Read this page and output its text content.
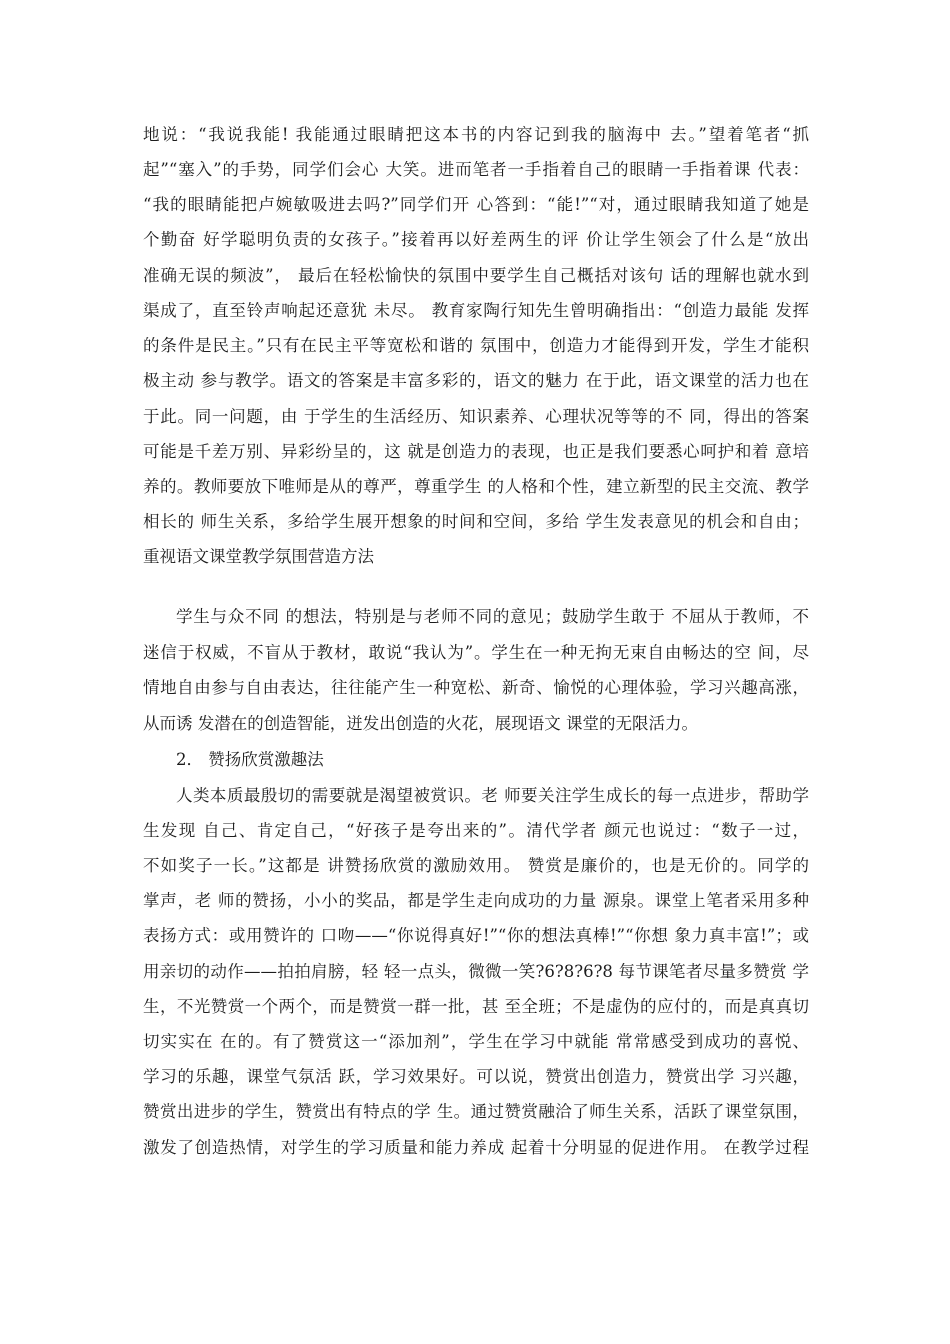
地说：“我说我能! 我能通过眼睛把这本书的内容记到我的脑海中 去。”望着笔者“抓
起”“塞入”的手势，同学们会心 大笑。进而笔者一手指着自己的眼睛一手指着课 代表：
“我的眼睛能把卢婉敏吸进去吗?”同学们开 心答到：“能!”“对，通过眼睛我知道了她是
个勤奋 好学聪明负责的女孩子。”接着再以好差两生的评 价让学生领会了什么是“放出
准确无误的频波”， 最后在轻松愉快的氛围中要学生自己概括对该句 话的理解也就水到
渠成了，直至铃声响起还意犹 未尽。 教育家陶行知先生曾明确指出：“创造力最能 发挥
的条件是民主。”只有在民主平等宽松和谐的 氛围中，创造力才能得到开发，学生才能积
极主动 参与教学。语文的答案是丰富多彩的，语文的魅力 在于此，语文课堂的活力也在
于此。同一问题，由 于学生的生活经历、知识素养、心理状况等等的不 同，得出的答案
可能是千差万别、异彩纷呈的，这 就是创造力的表现，也正是我们要悉心呵护和着 意培
养的。教师要放下唯师是从的尊严，尊重学生 的人格和个性，建立新型的民主交流、教学
相长的 师生关系，多给学生展开想象的时间和空间，多给 学生发表意见的机会和自由；
重视语文课堂教学氛围营造方法
学生与众不同 的想法，特别是与老师不同的意见；鼓励学生敢于 不屈从于教师，不
迷信于权威，不盲从于教材，敢说“我认为”。学生在一种无拘无束自由畅达的空 间，尽
情地自由参与自由表达，往往能产生一种宽松、新奇、愉悦的心理体验，学习兴趣高涨，
从而诱 发潜在的创造智能，迸发出创造的火花，展现语文 课堂的无限活力。
2． 赞扬欣赏激趣法
人类本质最殷切的需要就是渴望被赏识。老 师要关注学生成长的每一点进步，帮助学
生发现 自己、肯定自己，“好孩子是夸出来的”。清代学者 颜元也说过：“数子一过，
不如奖子一长。”这都是 讲赞扬欣赏的激励效用。 赞赏是廉价的，也是无价的。同学的
掌声，老 师的赞扬，小小的奖品，都是学生走向成功的力量 源泉。课堂上笔者采用多种
表扬方式：或用赞许的 口吻——“你说得真好!”“你的想法真棒!”“你想 象力真丰富!”；或
用亲切的动作——拍拍肩膀，轻 轻一点头，微微一笑?6?8?6?8 每节课笔者尽量多赞赏 学
生，不光赞赏一个两个，而是赞赏一群一批，甚 至全班；不是虚伪的应付的，而是真真切
切实实在 在的。有了赞赏这一“添加剂”，学生在学习中就能 常常感受到成功的喜悦、
学习的乐趣，课堂气氛活 跃，学习效果好。可以说，赞赏出创造力，赞赏出学 习兴趣，
赞赏出进步的学生，赞赏出有特点的学 生。通过赞赏融洽了师生关系，活跃了课堂氛围，
激发了创造热情，对学生的学习质量和能力养成 起着十分明显的促进作用。 在教学过程
